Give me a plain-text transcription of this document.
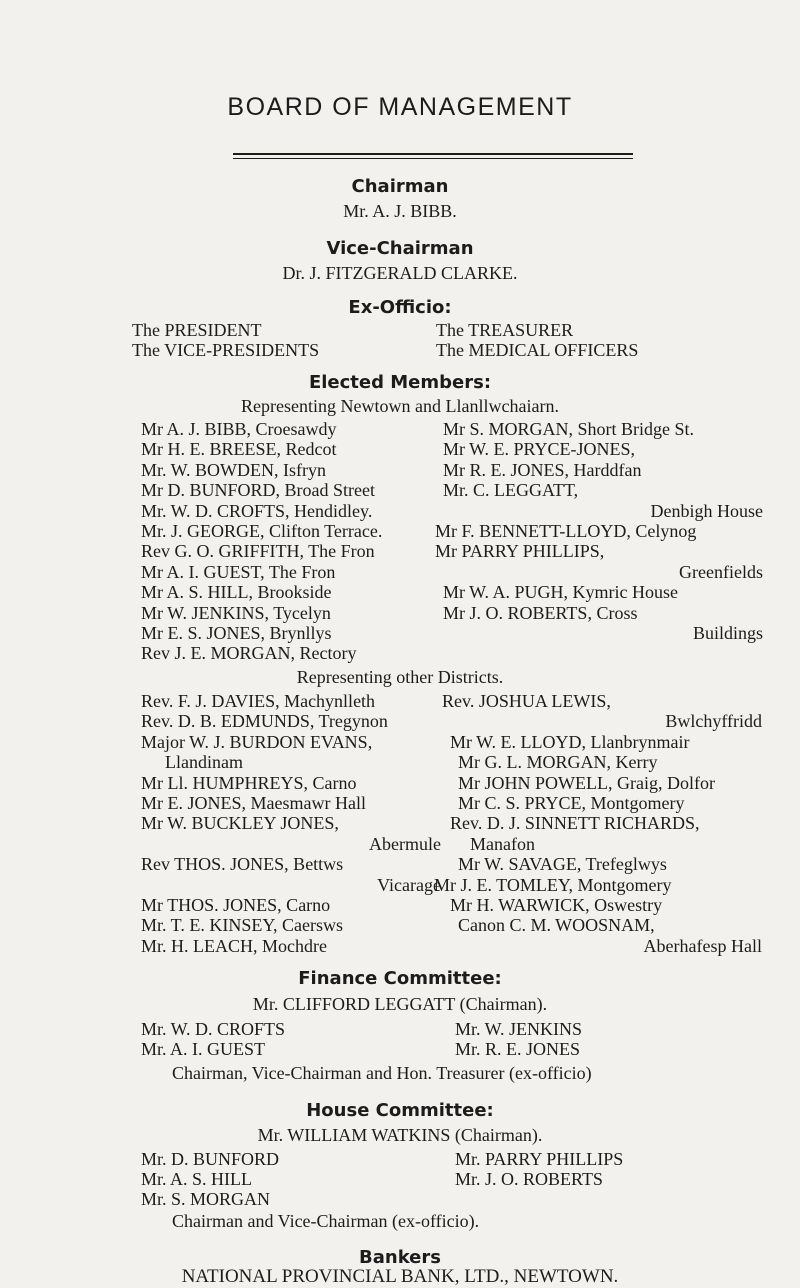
BOARD OF MANAGEMENT
Chairman
Mr. A. J. BIBB.
Vice-Chairman
Dr. J. FITZGERALD CLARKE.
Ex-Officio:
The PRESIDENT
The VICE-PRESIDENTS
The TREASURER
The MEDICAL OFFICERS
Elected Members:
Representing Newtown and Llanllwchaiarn.
Mr A. J. BIBB, Croesawdy
Mr H. E. BREESE, Redcot
Mr. W. BOWDEN, Isfryn
Mr D. BUNFORD, Broad Street
Mr. W. D. CROFTS, Hendidley.
Mr. J. GEORGE, Clifton Terrace.
Rev G. O. GRIFFITH, The Fron
Mr A. I. GUEST, The Fron
Mr A. S. HILL, Brookside
Mr W. JENKINS, Tycelyn
Mr E. S. JONES, Brynllys
Rev J. E. MORGAN, Rectory
Mr S. MORGAN, Short Bridge St.
Mr W. E. PRYCE-JONES,
Mr R. E. JONES, Harddfan
Mr. C. LEGGATT,
Denbigh House
Mr F. BENNETT-LLOYD, Celynog
Mr PARRY PHILLIPS,
Greenfields
Mr W. A. PUGH, Kymric House
Mr J. O. ROBERTS, Cross
Buildings
Representing other Districts.
Rev. F. J. DAVIES, Machynlleth
Rev. D. B. EDMUNDS, Tregynon
Major W. J. BURDON EVANS,
Llandinam
Mr Ll. HUMPHREYS, Carno
Mr E. JONES, Maesmawr Hall
Mr W. BUCKLEY JONES,
Abermule
Rev THOS. JONES, Bettws
Vicarage
Mr THOS. JONES, Carno
Mr. T. E. KINSEY, Caersws
Mr. H. LEACH, Mochdre
Rev. JOSHUA LEWIS,
Bwlchyffridd
Mr W. E. LLOYD, Llanbrynmair
Mr G. L. MORGAN, Kerry
Mr JOHN POWELL, Graig, Dolfor
Mr C. S. PRYCE, Montgomery
Rev. D. J. SINNETT RICHARDS,
Manafon
Mr W. SAVAGE, Trefeglwys
Mr J. E. TOMLEY, Montgomery
Mr H. WARWICK, Oswestry
Canon C. M. WOOSNAM,
Aberhafesp Hall
Finance Committee:
Mr. CLIFFORD LEGGATT (Chairman).
Mr. W. D. CROFTS
Mr. A. I. GUEST
Mr. W. JENKINS
Mr. R. E. JONES
Chairman, Vice-Chairman and Hon. Treasurer (ex-officio)
House Committee:
Mr. WILLIAM WATKINS (Chairman).
Mr. D. BUNFORD
Mr. A. S. HILL
Mr. S. MORGAN
Mr. PARRY PHILLIPS
Mr. J. O. ROBERTS
Chairman and Vice-Chairman (ex-officio).
Bankers
NATIONAL PROVINCIAL BANK, LTD., NEWTOWN.
